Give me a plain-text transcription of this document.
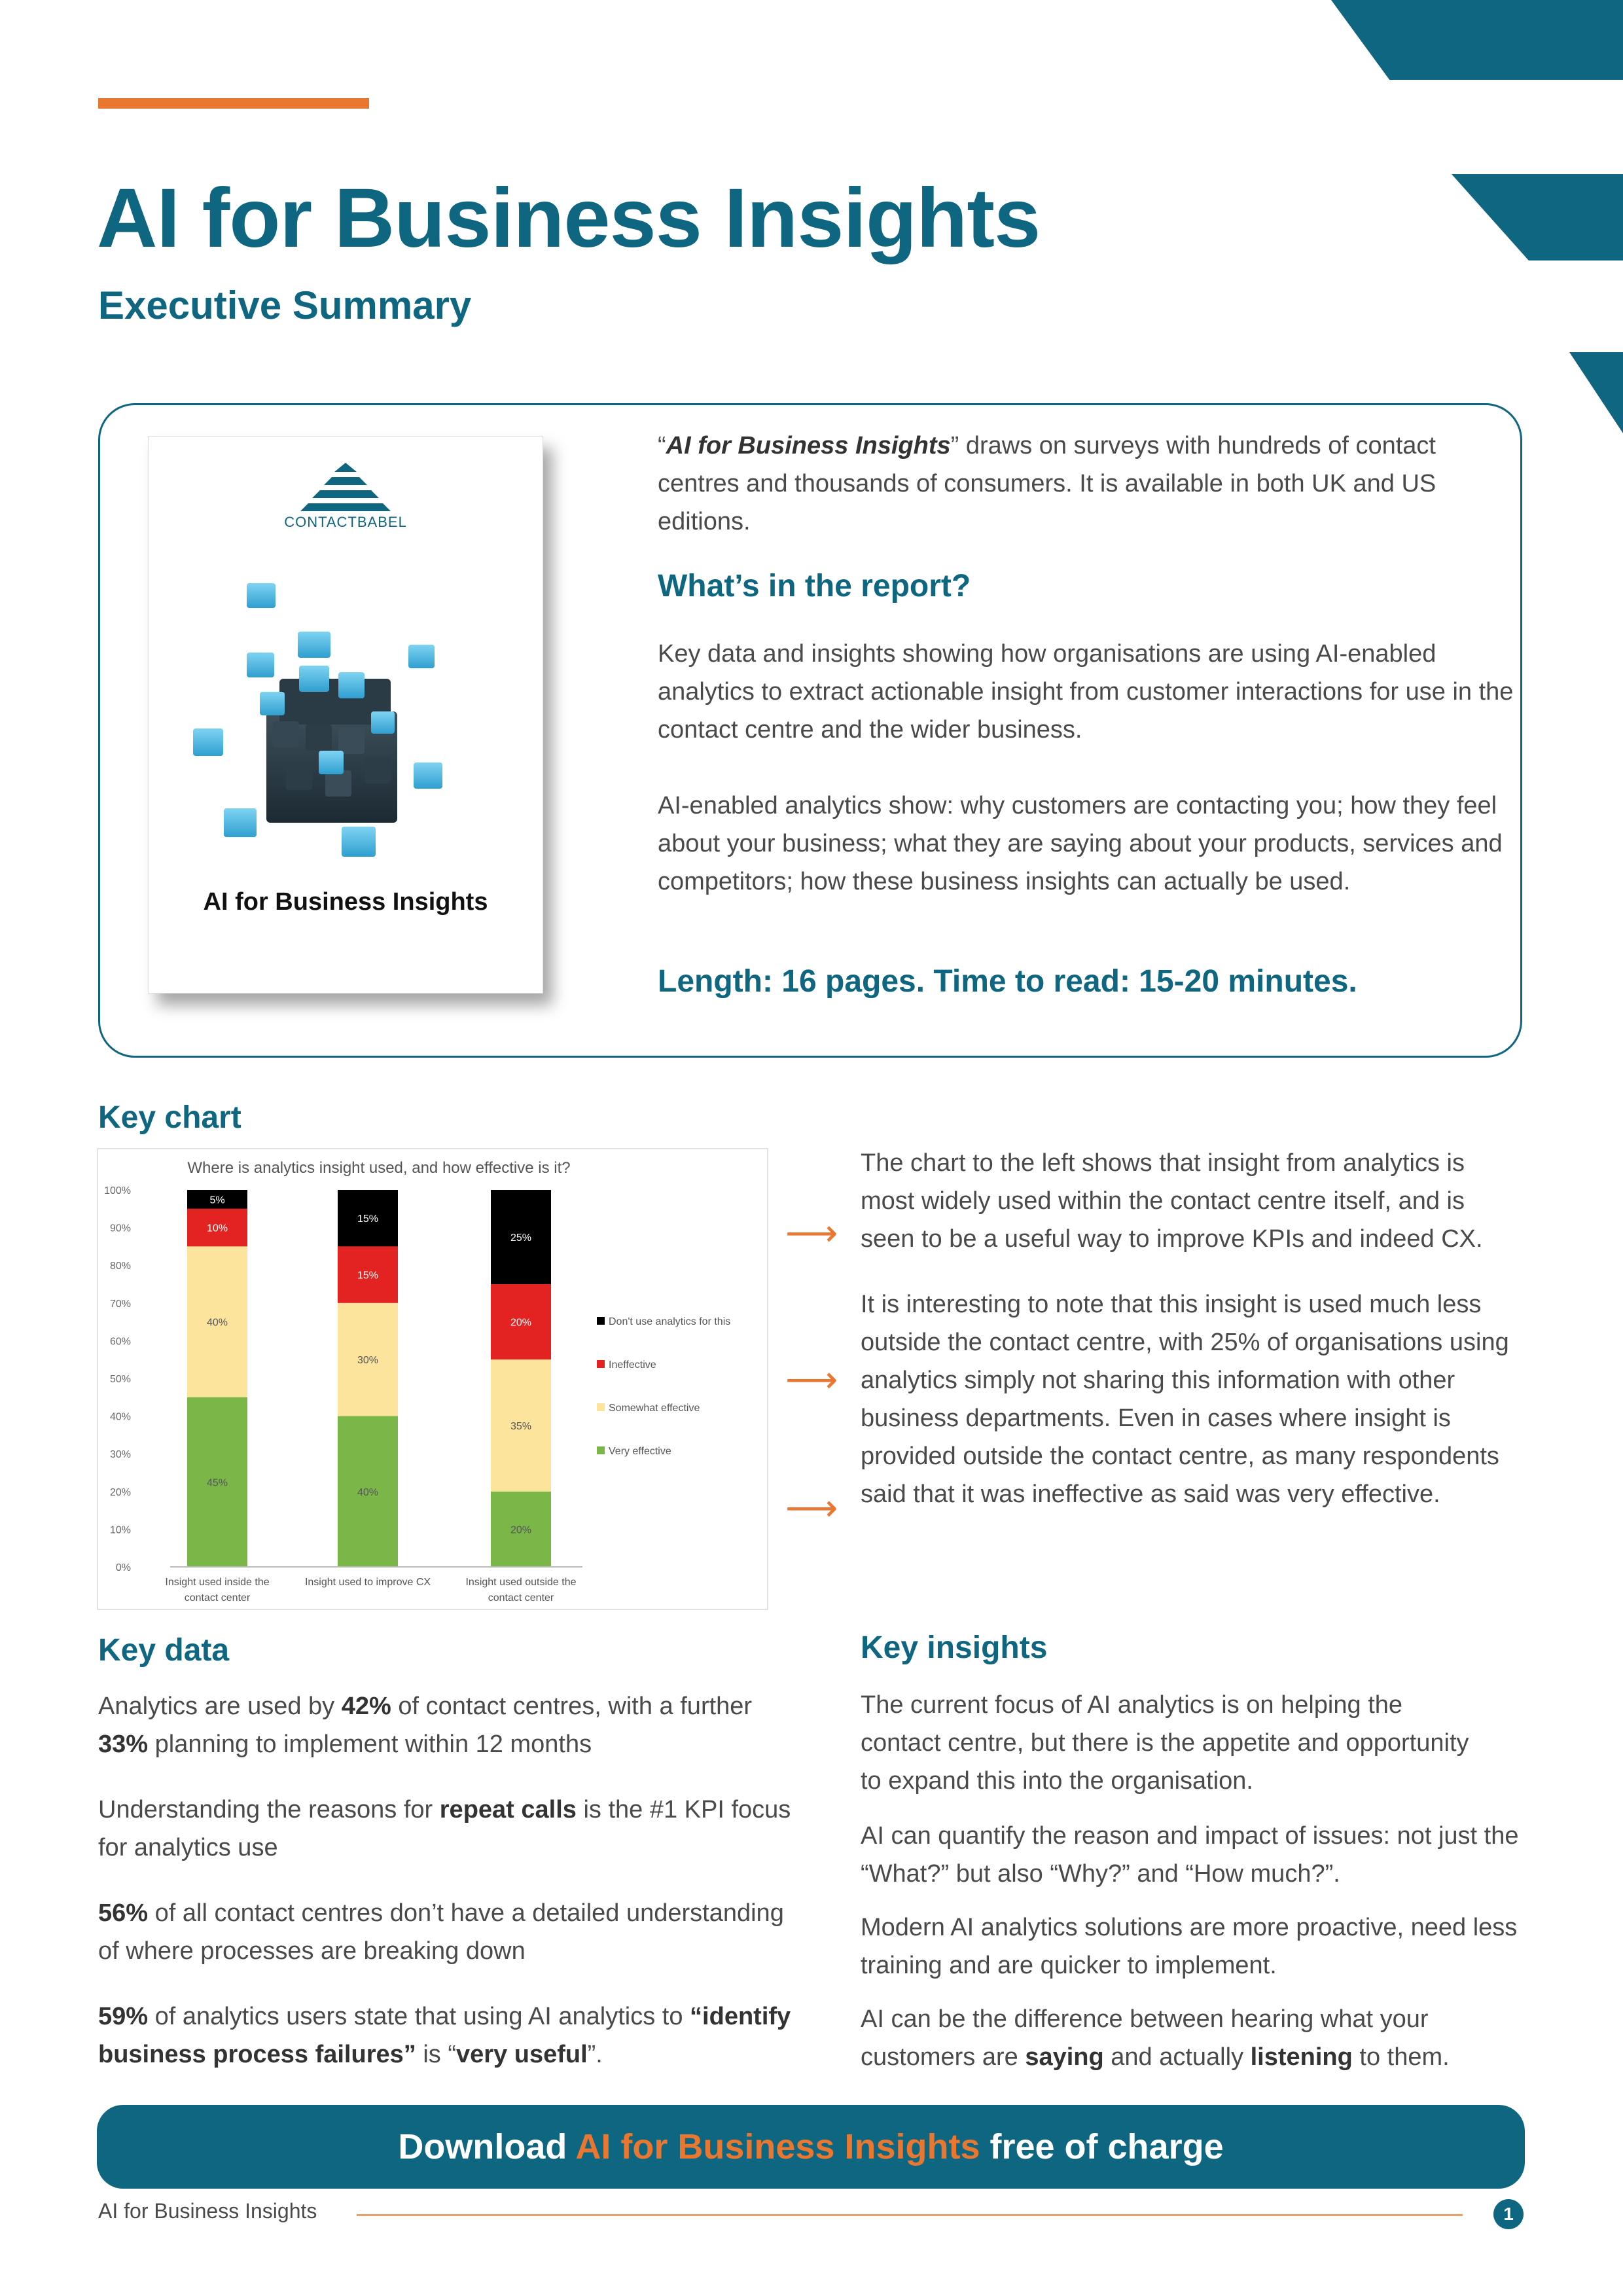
AI for Business Insights
Executive Summary
CONTACTBABEL
AI for Business Insights
“AI for Business Insights” draws on surveys with hundreds of contact centres and thousands of consumers. It is available in both UK and US editions.
What’s in the report?
Key data and insights showing how organisations are using AI-enabled analytics to extract actionable insight from customer interactions for use in the contact centre and the wider business.
AI-enabled analytics show: why customers are contacting you; how they feel about your business; what they are saying about your products, services and competitors; how these business insights can actually be used.
Length: 16 pages. Time to read: 15-20 minutes.
Key chart
Where is analytics insight used, and how effective is it?
0%
10%
20%
30%
40%
50%
60%
70%
80%
90%
100%
45%
40%
10%
5%
Insight used inside the
contact center
40%
30%
15%
15%
Insight used to improve CX
20%
35%
20%
25%
Insight used outside the
contact center
Don't use analytics for this
Ineffective
Somewhat effective
Very effective

The chart to the left shows that insight from analytics is most widely used within the contact centre itself, and is seen to be a useful way to improve KPIs and indeed CX.

It is interesting to note that this insight is used much less outside the contact centre, with 25% of organisations using analytics simply not sharing this information with other business departments. Even in cases where insight is provided outside the contact centre, as many respondents said that it was ineffective as said was very effective.

⟶
⟶
⟶
Key data
Analytics are used by 42% of contact centres, with a further 33% planning to implement within 12 months
Understanding the reasons for repeat calls is the #1 KPI focus for analytics use
56% of all contact centres don’t have a detailed understanding of where processes are breaking down
59% of analytics users state that using AI analytics to “identify business process failures” is “very useful”.
Key insights
The current focus of AI analytics is on helping the contact centre, but there is the appetite and opportunity to expand this into the organisation.
AI can quantify the reason and impact of issues: not just the “What?” but also “Why?” and “How much?”.
Modern AI analytics solutions are more proactive, need less training and are quicker to implement.
AI can be the difference between hearing what your customers are saying and actually listening to them.
Download AI for Business Insights free of charge
AI for Business Insights	1
